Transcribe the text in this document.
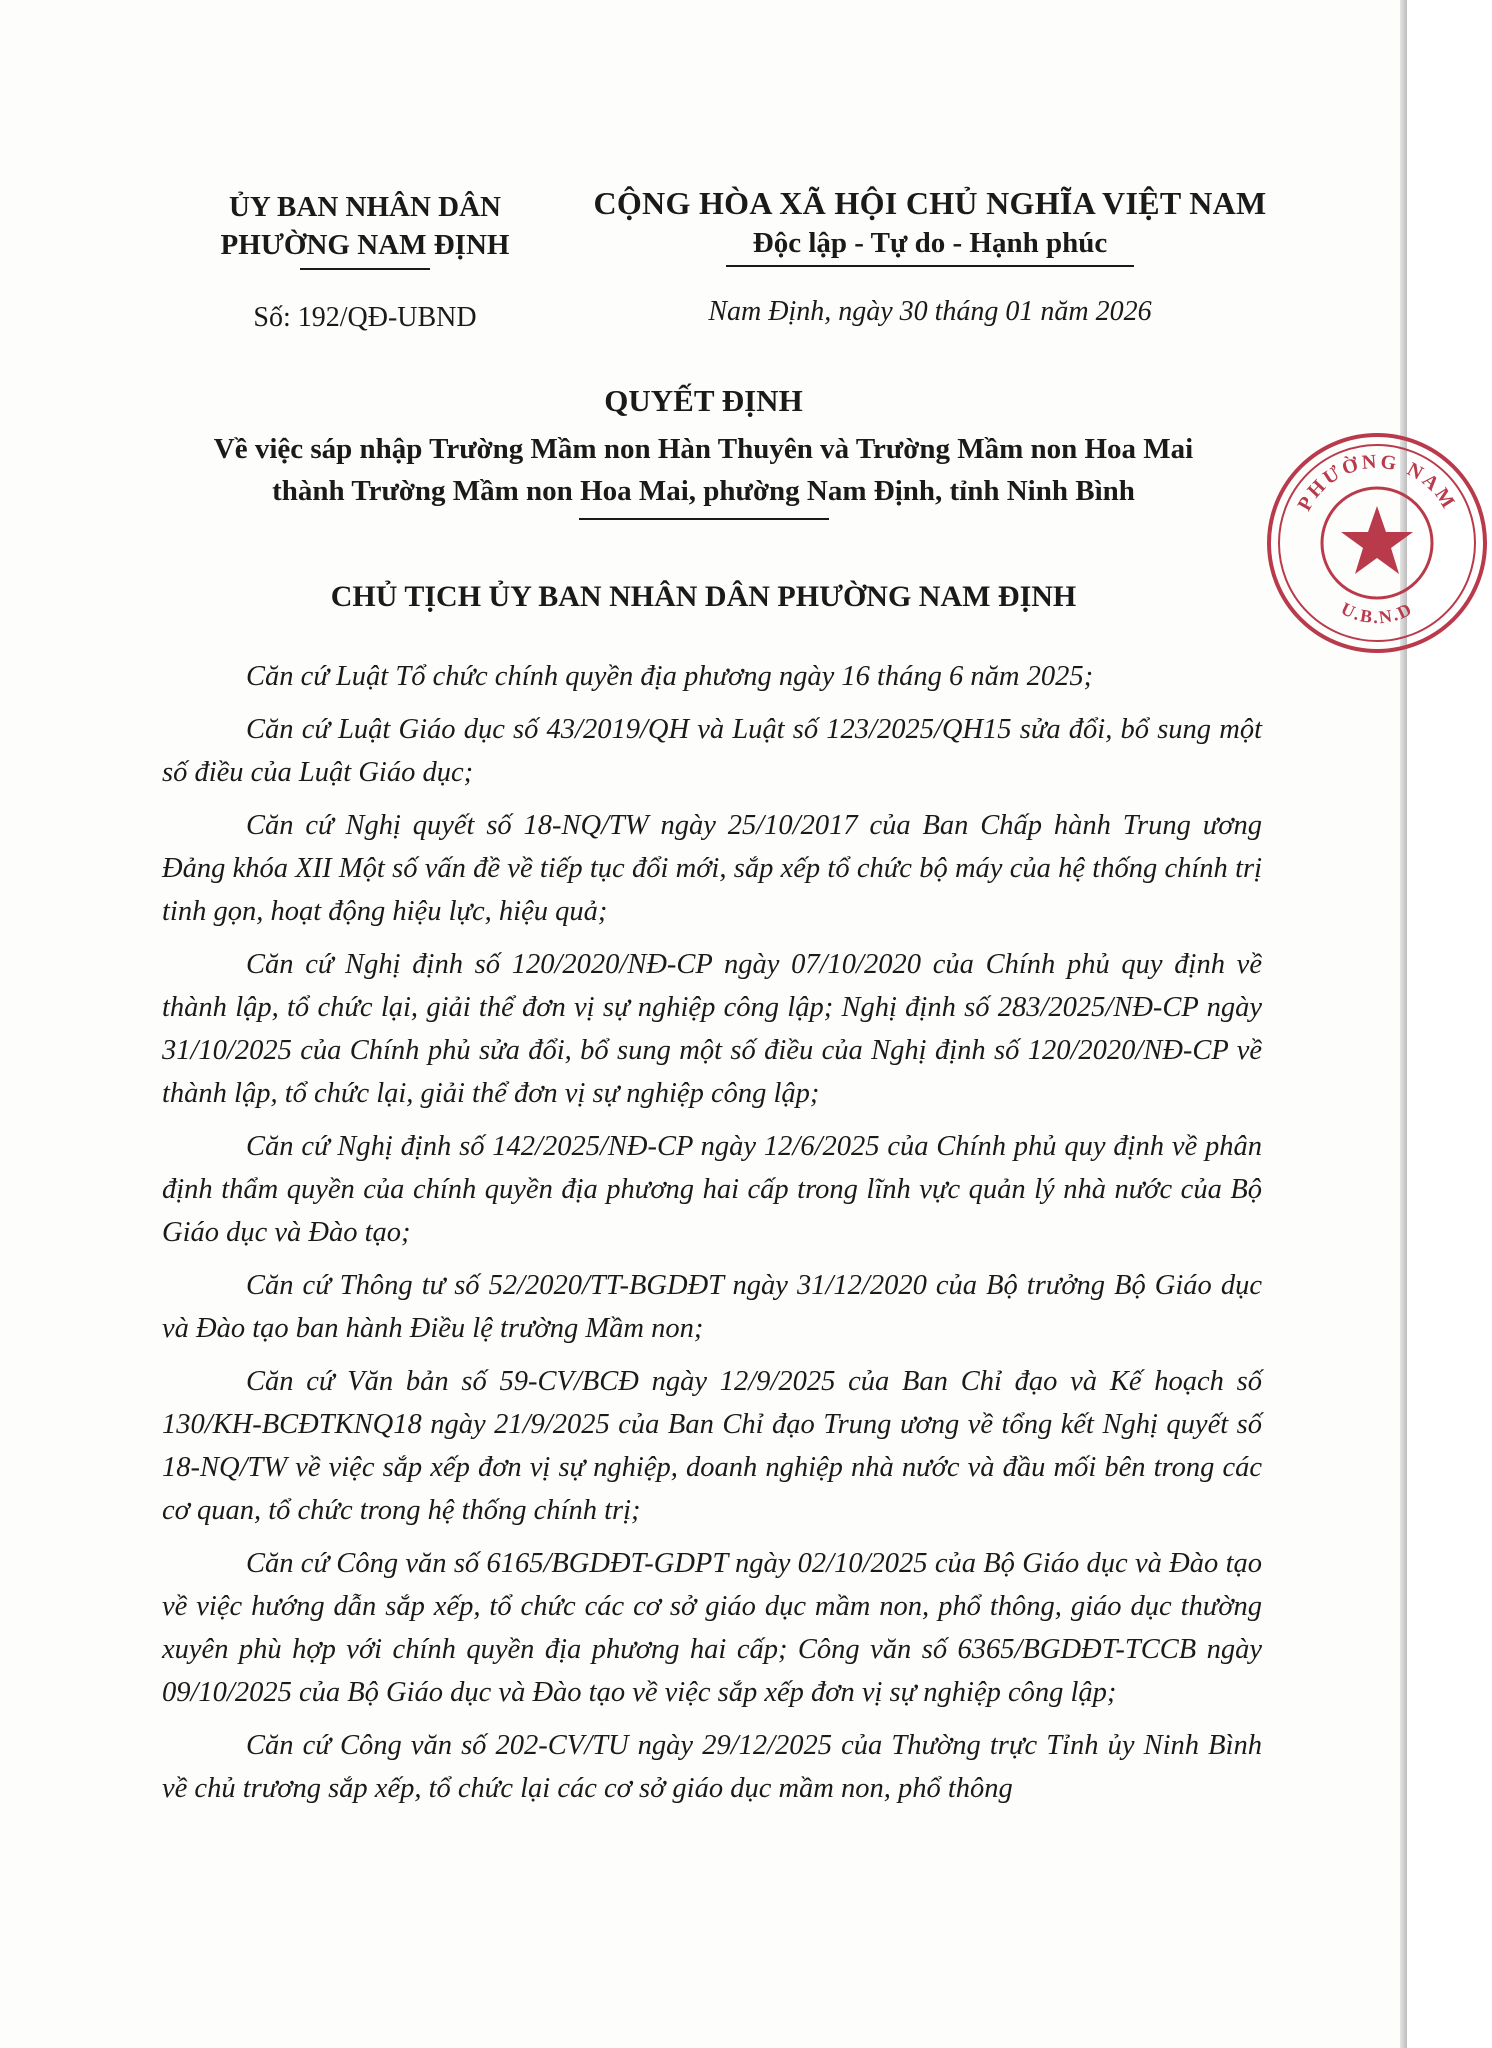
ỦY BAN NHÂN DÂN
PHƯỜNG NAM ĐỊNH
CỘNG HÒA XÃ HỘI CHỦ NGHĨA VIỆT NAM
Độc lập - Tự do - Hạnh phúc
Số: 192/QĐ-UBND	Nam Định, ngày 30 tháng 01 năm 2026
QUYẾT ĐỊNH
Về việc sáp nhập Trường Mầm non Hàn Thuyên và Trường Mầm non Hoa Mai
thành Trường Mầm non Hoa Mai, phường Nam Định, tỉnh Ninh Bình
CHỦ TỊCH ỦY BAN NHÂN DÂN PHƯỜNG NAM ĐỊNH

Căn cứ Luật Tổ chức chính quyền địa phương ngày 16 tháng 6 năm 2025;

Căn cứ Luật Giáo dục số 43/2019/QH và Luật số 123/2025/QH15 sửa đổi, bổ sung một số điều của Luật Giáo dục;

Căn cứ Nghị quyết số 18-NQ/TW ngày 25/10/2017 của Ban Chấp hành Trung ương Đảng khóa XII Một số vấn đề về tiếp tục đổi mới, sắp xếp tổ chức bộ máy của hệ thống chính trị tinh gọn, hoạt động hiệu lực, hiệu quả;

Căn cứ Nghị định số 120/2020/NĐ-CP ngày 07/10/2020 của Chính phủ quy định về thành lập, tổ chức lại, giải thể đơn vị sự nghiệp công lập; Nghị định số 283/2025/NĐ-CP ngày 31/10/2025 của Chính phủ sửa đổi, bổ sung một số điều của Nghị định số 120/2020/NĐ-CP về thành lập, tổ chức lại, giải thể đơn vị sự nghiệp công lập;

Căn cứ Nghị định số 142/2025/NĐ-CP ngày 12/6/2025 của Chính phủ quy định về phân định thẩm quyền của chính quyền địa phương hai cấp trong lĩnh vực quản lý nhà nước của Bộ Giáo dục và Đào tạo;

Căn cứ Thông tư số 52/2020/TT-BGDĐT ngày 31/12/2020 của Bộ trưởng Bộ Giáo dục và Đào tạo ban hành Điều lệ trường Mầm non;

Căn cứ Văn bản số 59-CV/BCĐ ngày 12/9/2025 của Ban Chỉ đạo và Kế hoạch số 130/KH-BCĐTKNQ18 ngày 21/9/2025 của Ban Chỉ đạo Trung ương về tổng kết Nghị quyết số 18-NQ/TW về việc sắp xếp đơn vị sự nghiệp, doanh nghiệp nhà nước và đầu mối bên trong các cơ quan, tổ chức trong hệ thống chính trị;

Căn cứ Công văn số 6165/BGDĐT-GDPT ngày 02/10/2025 của Bộ Giáo dục và Đào tạo về việc hướng dẫn sắp xếp, tổ chức các cơ sở giáo dục mầm non, phổ thông, giáo dục thường xuyên phù hợp với chính quyền địa phương hai cấp; Công văn số 6365/BGDĐT-TCCB ngày 09/10/2025 của Bộ Giáo dục và Đào tạo về việc sắp xếp đơn vị sự nghiệp công lập;

Căn cứ Công văn số 202-CV/TU ngày 29/12/2025 của Thường trực Tỉnh ủy Ninh Bình về chủ trương sắp xếp, tổ chức lại các cơ sở giáo dục mầm non, phổ thông

PHƯỜNG NAM
U.B.N.D
